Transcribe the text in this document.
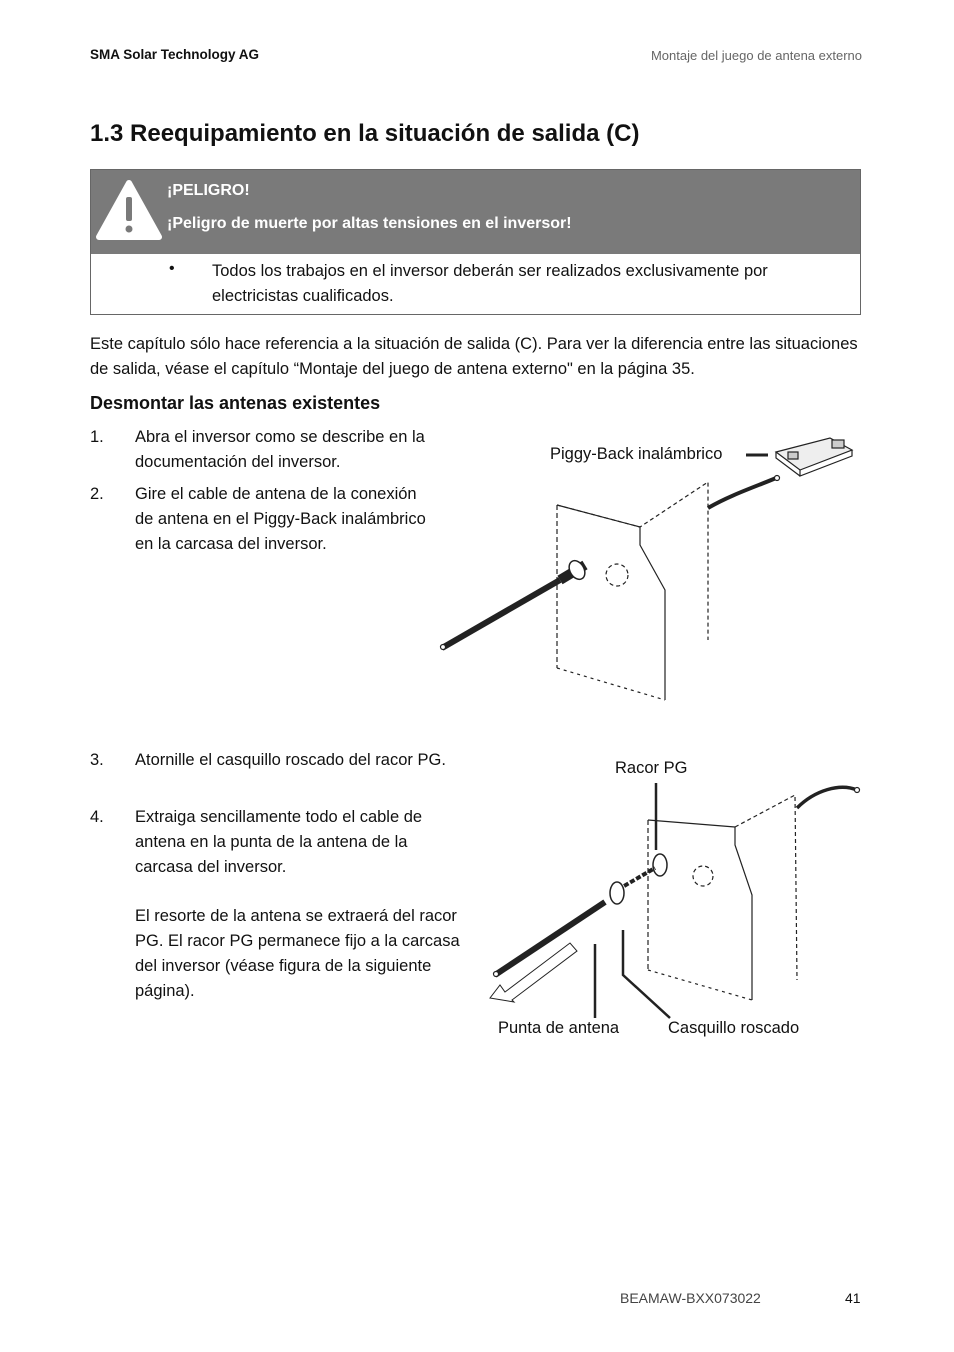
SMA Solar Technology AG	Montaje del juego de antena externo
1.3 Reequipamiento en la situación de salida (C)
¡PELIGRO!
¡Peligro de muerte por altas tensiones en el inversor!
• Todos los trabajos en el inversor deberán ser realizados exclusivamente por electricistas cualificados.

Este capítulo sólo hace referencia a la situación de salida (C). Para ver la diferencia entre las situaciones de salida, véase el capítulo “Montaje del juego de antena externo" en la página 35.

Desmontar las antenas existentes
1. Abra el inversor como se describe en la documentación del inversor.
2. Gire el cable de antena de la conexión de antena en el Piggy-Back inalámbrico en la carcasa del inversor.
Piggy-Back inalámbrico
3. Atornille el casquillo roscado del racor PG.
4. Extraiga sencillamente todo el cable de antena en la punta de la antena de la carcasa del inversor.
El resorte de la antena se extraerá del racor PG. El racor PG permanece fijo a la carcasa del inversor (véase figura de la siguiente página).
Racor PG
Punta de antena	Casquillo roscado
BEAMAW-BXX073022	41
